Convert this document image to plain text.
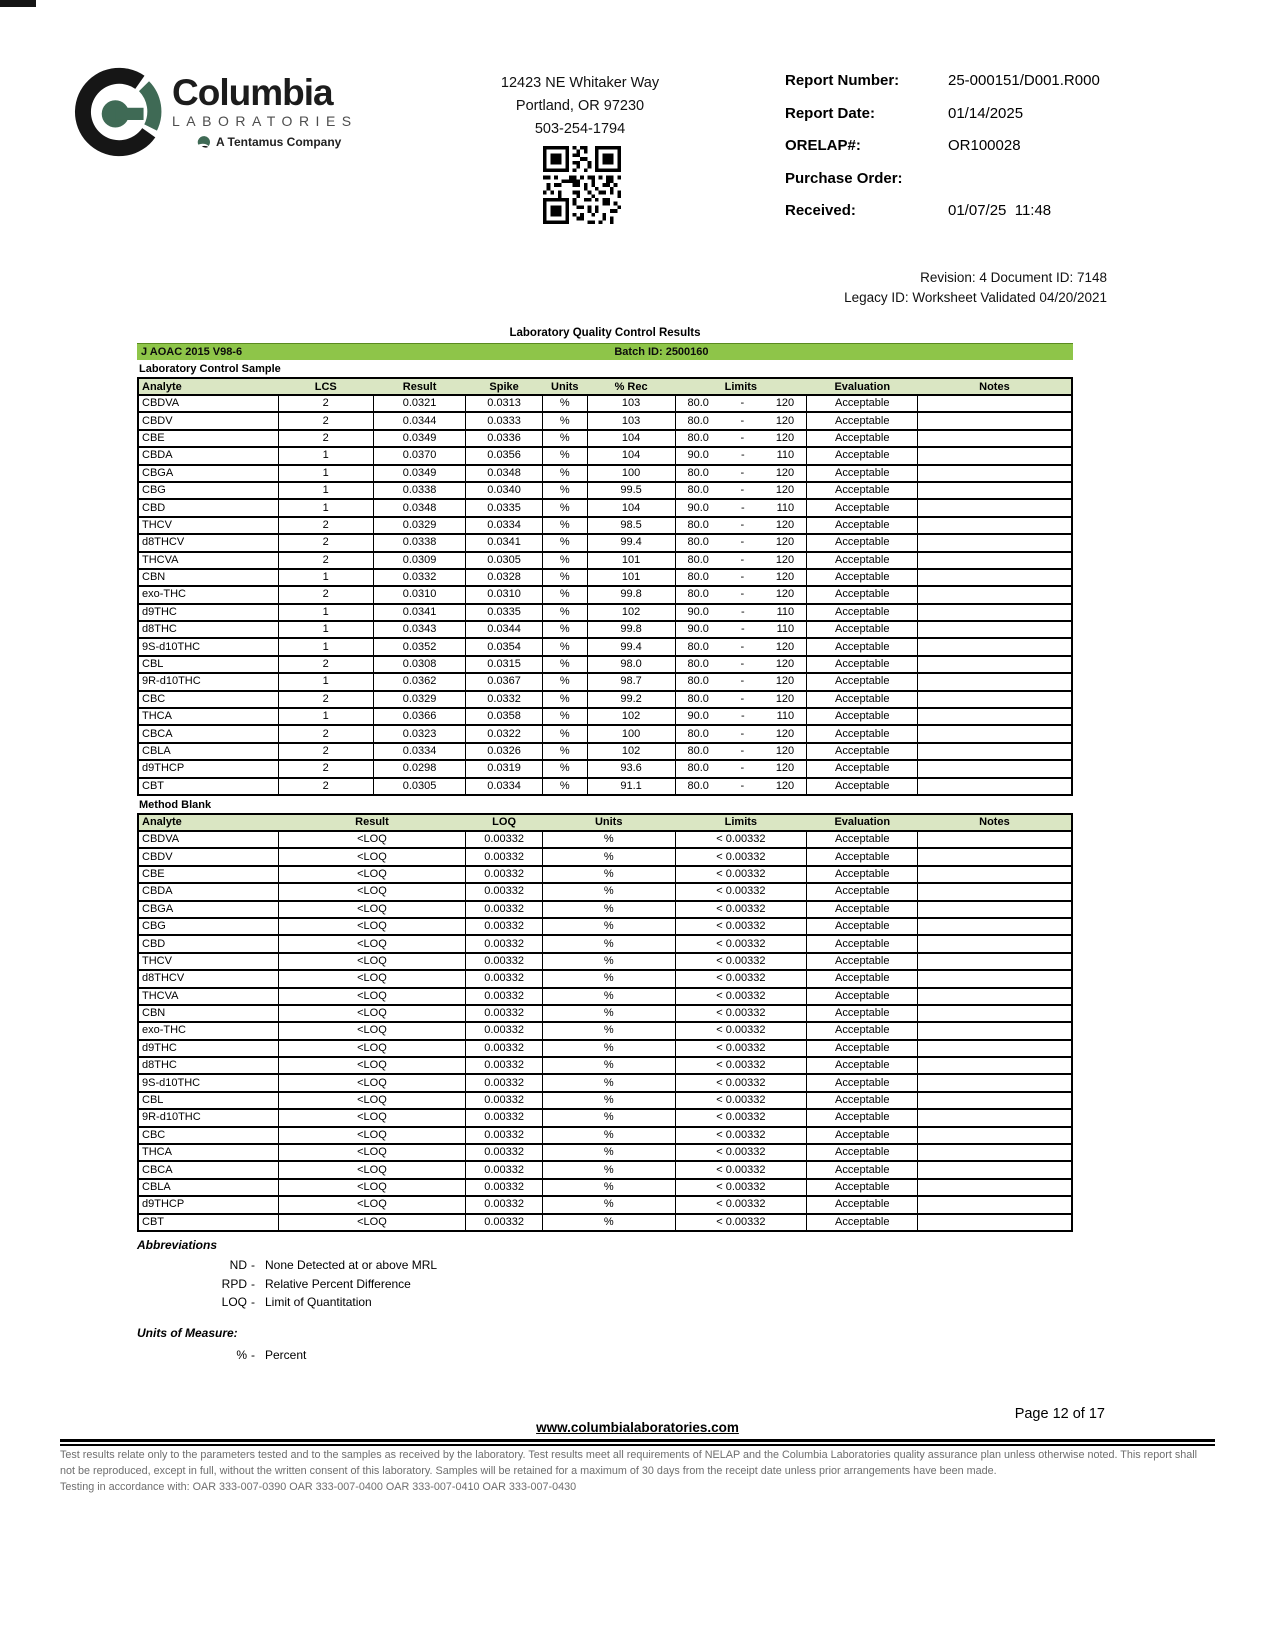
Columbia
LABORATORIES
A Tentamus Company
12423 NE Whitaker Way
Portland, OR 97230
503-254-1794
Report Number:	25-000151/D001.R000
Report Date:	01/14/2025
ORELAP#:	OR100028
Purchase Order:
Received:	01/07/25  11:48
Revision: 4 Document ID: 7148
Legacy ID: Worksheet Validated 04/20/2021
Laboratory Quality Control Results
J AOAC 2015 V98-6	Batch ID: 2500160
Laboratory Control Sample
Analyte	LCS	Result	Spike	Units	% Rec	Limits	Evaluation	Notes
CBDVA	2	0.0321	0.0313	%	103	80.0 - 120	Acceptable	
CBDV	2	0.0344	0.0333	%	103	80.0 - 120	Acceptable	
CBE	2	0.0349	0.0336	%	104	80.0 - 120	Acceptable	
CBDA	1	0.0370	0.0356	%	104	90.0 - 110	Acceptable	
CBGA	1	0.0349	0.0348	%	100	80.0 - 120	Acceptable	
CBG	1	0.0338	0.0340	%	99.5	80.0 - 120	Acceptable	
CBD	1	0.0348	0.0335	%	104	90.0 - 110	Acceptable	
THCV	2	0.0329	0.0334	%	98.5	80.0 - 120	Acceptable	
d8THCV	2	0.0338	0.0341	%	99.4	80.0 - 120	Acceptable	
THCVA	2	0.0309	0.0305	%	101	80.0 - 120	Acceptable	
CBN	1	0.0332	0.0328	%	101	80.0 - 120	Acceptable	
exo-THC	2	0.0310	0.0310	%	99.8	80.0 - 120	Acceptable	
d9THC	1	0.0341	0.0335	%	102	90.0 - 110	Acceptable	
d8THC	1	0.0343	0.0344	%	99.8	90.0 - 110	Acceptable	
9S-d10THC	1	0.0352	0.0354	%	99.4	80.0 - 120	Acceptable	
CBL	2	0.0308	0.0315	%	98.0	80.0 - 120	Acceptable	
9R-d10THC	1	0.0362	0.0367	%	98.7	80.0 - 120	Acceptable	
CBC	2	0.0329	0.0332	%	99.2	80.0 - 120	Acceptable	
THCA	1	0.0366	0.0358	%	102	90.0 - 110	Acceptable	
CBCA	2	0.0323	0.0322	%	100	80.0 - 120	Acceptable	
CBLA	2	0.0334	0.0326	%	102	80.0 - 120	Acceptable	
d9THCP	2	0.0298	0.0319	%	93.6	80.0 - 120	Acceptable	
CBT	2	0.0305	0.0334	%	91.1	80.0 - 120	Acceptable	
Method Blank
Analyte	Result	LOQ	Units	Limits	Evaluation	Notes
CBDVA	<LOQ	0.00332	%	< 0.00332	Acceptable	
CBDV	<LOQ	0.00332	%	< 0.00332	Acceptable	
CBE	<LOQ	0.00332	%	< 0.00332	Acceptable	
CBDA	<LOQ	0.00332	%	< 0.00332	Acceptable	
CBGA	<LOQ	0.00332	%	< 0.00332	Acceptable	
CBG	<LOQ	0.00332	%	< 0.00332	Acceptable	
CBD	<LOQ	0.00332	%	< 0.00332	Acceptable	
THCV	<LOQ	0.00332	%	< 0.00332	Acceptable	
d8THCV	<LOQ	0.00332	%	< 0.00332	Acceptable	
THCVA	<LOQ	0.00332	%	< 0.00332	Acceptable	
CBN	<LOQ	0.00332	%	< 0.00332	Acceptable	
exo-THC	<LOQ	0.00332	%	< 0.00332	Acceptable	
d9THC	<LOQ	0.00332	%	< 0.00332	Acceptable	
d8THC	<LOQ	0.00332	%	< 0.00332	Acceptable	
9S-d10THC	<LOQ	0.00332	%	< 0.00332	Acceptable	
CBL	<LOQ	0.00332	%	< 0.00332	Acceptable	
9R-d10THC	<LOQ	0.00332	%	< 0.00332	Acceptable	
CBC	<LOQ	0.00332	%	< 0.00332	Acceptable	
THCA	<LOQ	0.00332	%	< 0.00332	Acceptable	
CBCA	<LOQ	0.00332	%	< 0.00332	Acceptable	
CBLA	<LOQ	0.00332	%	< 0.00332	Acceptable	
d9THCP	<LOQ	0.00332	%	< 0.00332	Acceptable	
CBT	<LOQ	0.00332	%	< 0.00332	Acceptable	
Abbreviations
ND - None Detected at or above MRL
RPD - Relative Percent Difference
LOQ - Limit of Quantitation
Units of Measure:
% - Percent
www.columbialaboratories.com
Page 12 of 17
Test results relate only to the parameters tested and to the samples as received by the laboratory. Test results meet all requirements of NELAP and the Columbia Laboratories quality assurance plan unless otherwise noted. This report shall not be reproduced, except in full, without the written consent of this laboratory. Samples will be retained for a maximum of 30 days from the receipt date unless prior arrangements have been made.
Testing in accordance with: OAR 333-007-0390 OAR 333-007-0400 OAR 333-007-0410 OAR 333-007-0430
